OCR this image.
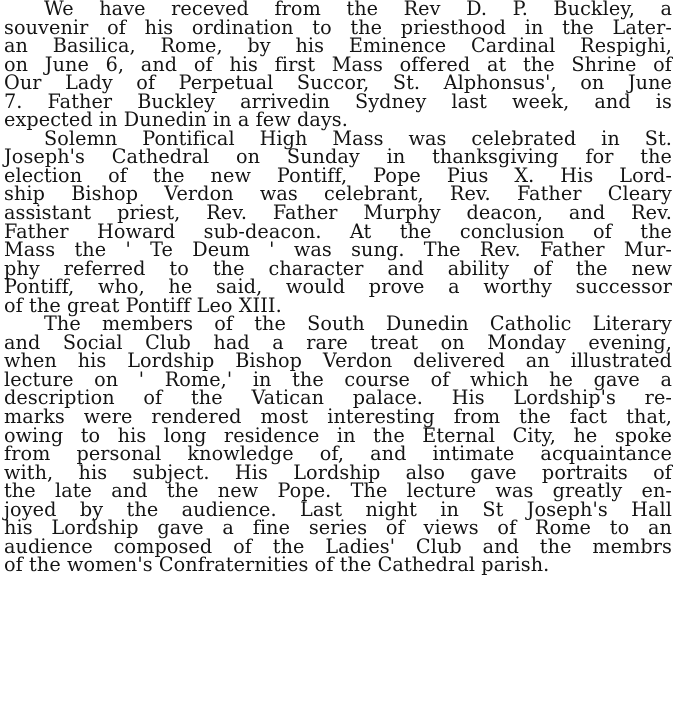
We have receved from the Rev D. P. Buckley, a
souvenir of his ordination to the priesthood in the Later-
an Basilica, Rome, by his Eminence Cardinal Respighi,
on June 6, and of his first Mass offered at the Shrine of
Our Lady of Perpetual Succor, St. Alphonsus', on June
7. Father Buckley arrivedin Sydney last week, and is
expected in Dunedin in a few days.
Solemn Pontifical High Mass was celebrated in St.
Joseph's Cathedral on Sunday in thanksgiving for the
election of the new Pontiff, Pope Pius X. His Lord-
ship Bishop Verdon was celebrant, Rev. Father Cleary
assistant priest, Rev. Father Murphy deacon, and Rev.
Father Howard sub-deacon. At the conclusion of the
Mass the ' Te Deum ' was sung. The Rev. Father Mur-
phy referred to the character and ability of the new
Pontiff, who, he said, would prove a worthy successor
of the great Pontiff Leo XIII.
The members of the South Dunedin Catholic Literary
and Social Club had a rare treat on Monday evening,
when his Lordship Bishop Verdon delivered an illustrated
lecture on ' Rome,' in the course of which he gave a
description of the Vatican palace. His Lordship's re-
marks were rendered most interesting from the fact that,
owing to his long residence in the Eternal City, he spoke
from personal knowledge of, and intimate acquaintance
with, his subject. His Lordship also gave portraits of
the late and the new Pope. The lecture was greatly en-
joyed by the audience. Last night in St Joseph's Hall
his Lordship gave a fine series of views of Rome to an
audience composed of the Ladies' Club and the membrs
of the women's Confraternities of the Cathedral parish.
